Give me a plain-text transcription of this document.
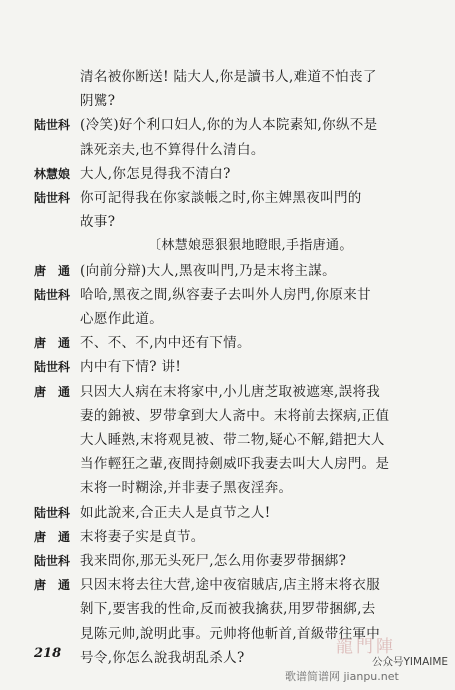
清名被你断送! 陆大人,你是讀书人,难道不怕丧了
阴騭?
陆世科 (冷笑)好个利口妇人,你的为人本院素知,你纵不是
誅死亲夫,也不算得什么清白。
林慧娘 大人,你怎見得我不清白?
陆世科 你可記得我在你家談帳之时,你主婢黑夜叫門的
故事?
〔林慧娘惡狠狠地瞪眼,手指唐通。
唐　通 (向前分辯)大人,黑夜叫門,乃是末将主謀。
陆世科 哈哈,黑夜之間,纵容妻子去叫外人房門,你原来甘
心愿作此道。
唐　通 不、不、不,内中还有下情。
陆世科 内中有下情? 讲!
唐　通 只因大人病在末将家中,小儿唐芝取被遮寒,誤将我
妻的錦被、罗带拿到大人斋中。末将前去探病,正值
大人睡熟,末将观見被、带二物,疑心不解,錯把大人
当作輕狂之輩,夜間持劍威吓我妻去叫大人房門。是
末将一时糊涂,并非妻子黑夜淫奔。
陆世科 如此說来,合正夫人是貞节之人!
唐　通 末将妻子实是貞节。
陆世科 我来問你,那无头死尸,怎么用你妻罗带捆綁?
唐　通 只因末将去往大营,途中夜宿賊店,店主將末将衣服
剝下,要害我的性命,反而被我擒获,用罗带捆綁,去
見陈元帅,說明此事。元帅将他斬首,首級带往軍中
号令,你怎么說我胡乱杀人?
218	龍門陣
公众号YIMAIME
歌谱简谱网 jianpu.net
